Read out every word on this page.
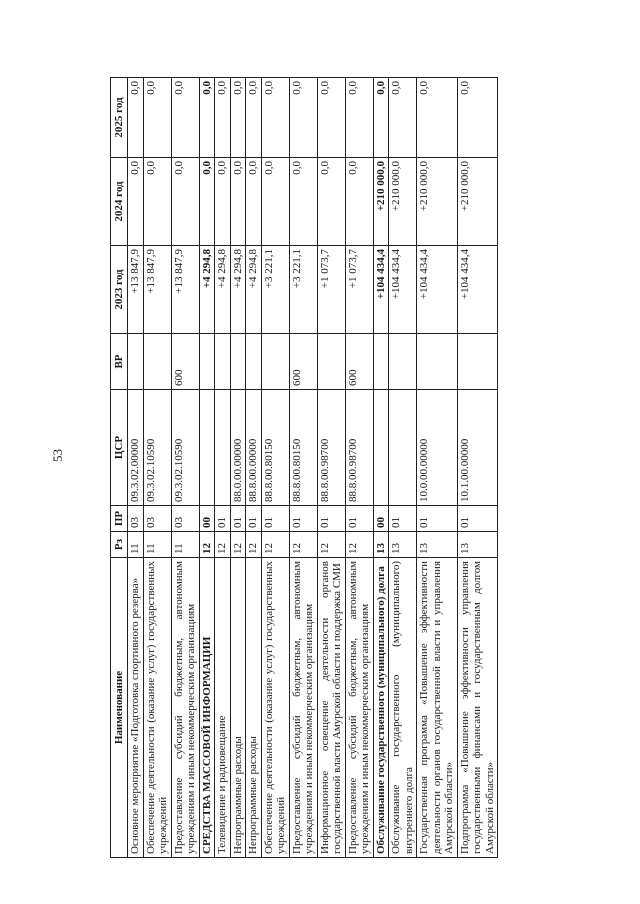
53
Наименование	Рз	ПР	ЦСР	ВР	2023 год	2024 год	2025 год
Основное мероприятие «Подготовка спортивного резерва»	11	03	09.3.02.00000		+13 847,9	0,0	0,0
Обеспечение деятельности (оказание услуг) государственных учреждений	11	03	09.3.02.10590		+13 847,9	0,0	0,0
Предоставление субсидий бюджетным, автономным учреждениям и иным некоммерческим организациям	11	03	09.3.02.10590	600	+13 847,9	0,0	0,0
СРЕДСТВА МАССОВОЙ ИНФОРМАЦИИ	12	00			+4 294,8	0,0	0,0
Телевидение и радиовещание	12	01			+4 294,8	0,0	0,0
Непрограммные расходы	12	01	88.0.00.00000		+4 294,8	0,0	0,0
Непрограммные расходы	12	01	88.8.00.00000		+4 294,8	0,0	0,0
Обеспечение деятельности (оказание услуг) государственных учреждений	12	01	88.8.00.80150		+3 221,1	0,0	0,0
Предоставление субсидий бюджетным, автономным учреждениям и иным некоммерческим организациям	12	01	88.8.00.80150	600	+3 221,1	0,0	0,0
Информационное освещение деятельности органов государственной власти Амурской области и поддержка СМИ	12	01	88.8.00.98700		+1 073,7	0,0	0,0
Предоставление субсидий бюджетным, автономным учреждениям и иным некоммерческим организациям	12	01	88.8.00.98700	600	+1 073,7	0,0	0,0
Обслуживание государственного (муниципального) долга	13	00			+104 434,4	+210 000,0	0,0
Обслуживание государственного (муниципального) внутреннего долга	13	01			+104 434,4	+210 000,0	0,0
Государственная программа «Повышение эффективности деятельности органов государственной власти и управления Амурской области»	13	01	10.0.00.00000		+104 434,4	+210 000,0	0,0
Подпрограмма «Повышение эффективности управления государственными финансами и государственным долгом Амурской области»	13	01	10.1.00.00000		+104 434,4	+210 000,0	0,0
